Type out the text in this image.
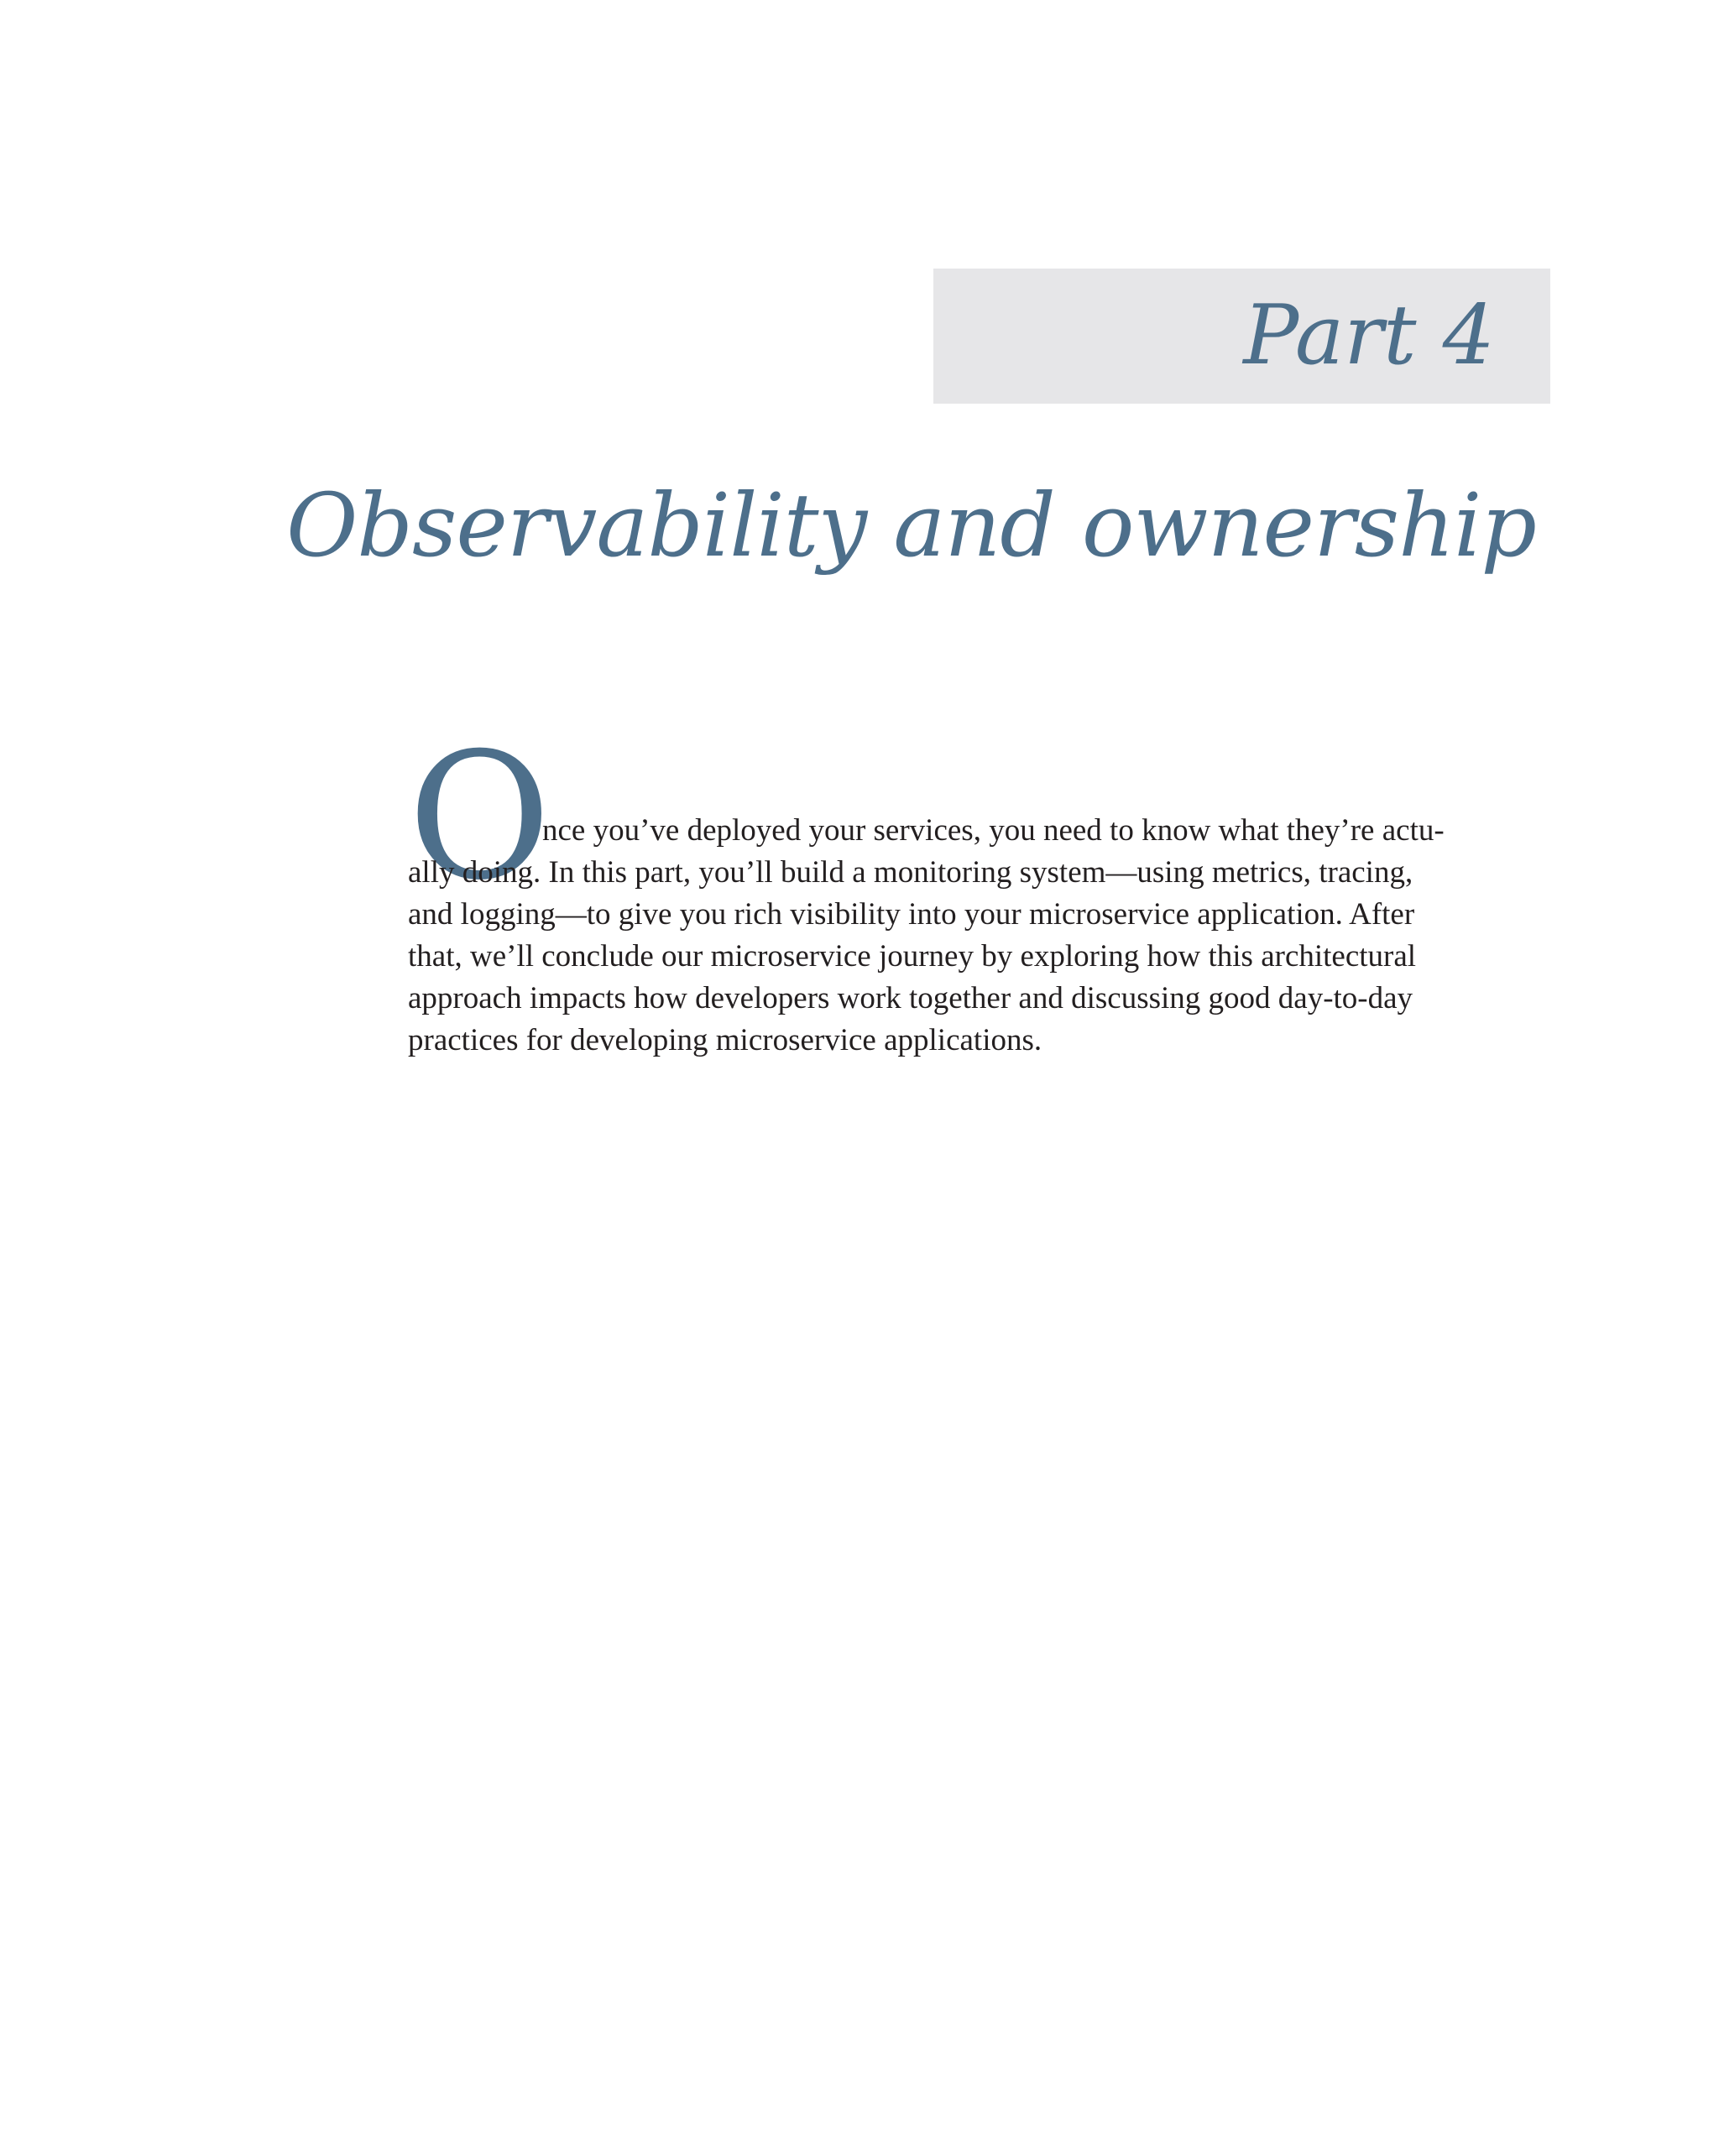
Part 4
Observability and ownership
O
nce you’ve deployed your services, you need to know what they’re actu-
ally doing. In this part, you’ll build a monitoring system—using metrics, tracing,
and logging—to give you rich visibility into your microservice application. After
that, we’ll conclude our microservice journey by exploring how this architectural
approach impacts how developers work together and discussing good day-to-day
practices for developing microservice applications.
